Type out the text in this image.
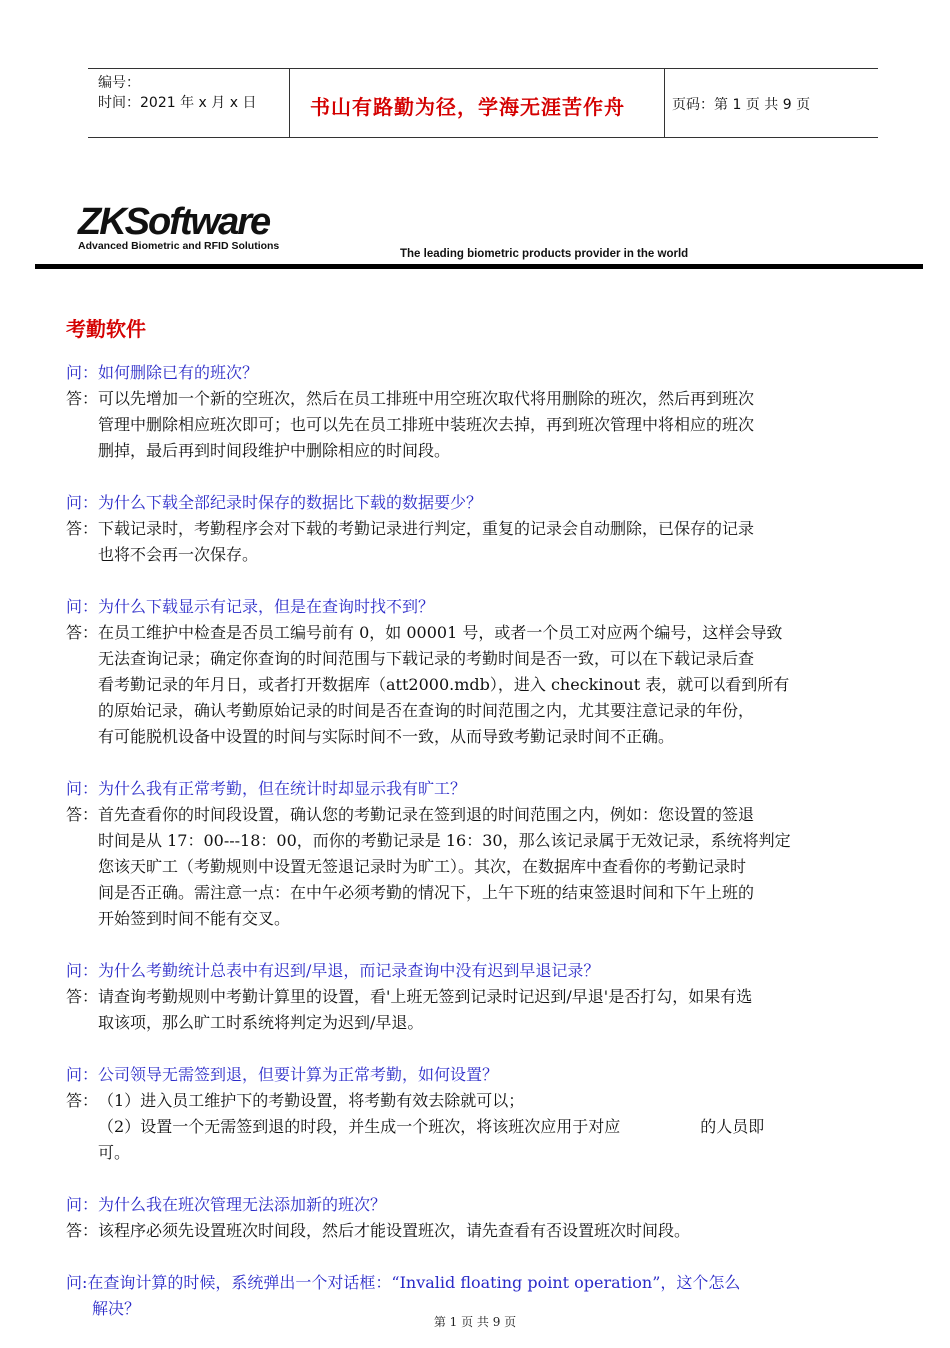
编号：
时间：2021 年 x 月 x 日	书山有路勤为径，学海无涯苦作舟	页码：第 1 页 共 9 页
ZKSoftware
Advanced Biometric and RFID Solutions
The leading biometric products provider in the world
考勤软件
问：如何删除已有的班次？
答： 可以先增加一个新的空班次，然后在员工排班中用空班次取代将用删除的班次，然后再到班次
管理中删除相应班次即可；也可以先在员工排班中装班次去掉，再到班次管理中将相应的班次
删掉，最后再到时间段维护中删除相应的时间段。
问：为什么下载全部纪录时保存的数据比下载的数据要少？
答： 下载记录时，考勤程序会对下载的考勤记录进行判定，重复的记录会自动删除，已保存的记录
也将不会再一次保存。
问：为什么下载显示有记录，但是在查询时找不到？
答： 在员工维护中检查是否员工编号前有 0，如 00001 号，或者一个员工对应两个编号，这样会导致
无法查询记录；确定你查询的时间范围与下载记录的考勤时间是否一致，可以在下载记录后查
看考勤记录的年月日，或者打开数据库（att2000.mdb），进入 checkinout 表，就可以看到所有
的原始记录，确认考勤原始记录的时间是否在查询的时间范围之内，尤其要注意记录的年份，
有可能脱机设备中设置的时间与实际时间不一致，从而导致考勤记录时间不正确。
问：为什么我有正常考勤，但在统计时却显示我有旷工？
答： 首先查看你的时间段设置，确认您的考勤记录在签到退的时间范围之内，例如：您设置的签退
时间是从 17：00---18：00，而你的考勤记录是 16：30，那么该记录属于无效记录，系统将判定
您该天旷工（考勤规则中设置无签退记录时为旷工）。其次，在数据库中查看你的考勤记录时
间是否正确。需注意一点：在中午必须考勤的情况下，上午下班的结束签退时间和下午上班的
开始签到时间不能有交叉。
问：为什么考勤统计总表中有迟到/早退，而记录查询中没有迟到早退记录？
答： 请查询考勤规则中考勤计算里的设置，看'上班无签到记录时记迟到/早退'是否打勾，如果有选
取该项，那么旷工时系统将判定为迟到/早退。
问：公司领导无需签到退，但要计算为正常考勤，如何设置？
答： （1）进入员工维护下的考勤设置，将考勤有效去除就可以；
（2）设置一个无需签到退的时段，并生成一个班次，将该班次应用于对应　　　　　的人员即
可。
问：为什么我在班次管理无法添加新的班次？
答： 该程序必须先设置班次时间段，然后才能设置班次，请先查看有否设置班次时间段。
问:在查询计算的时候，系统弹出一个对话框：“Invalid floating point operation”，这个怎么
解决？
第 1 页 共 9 页
